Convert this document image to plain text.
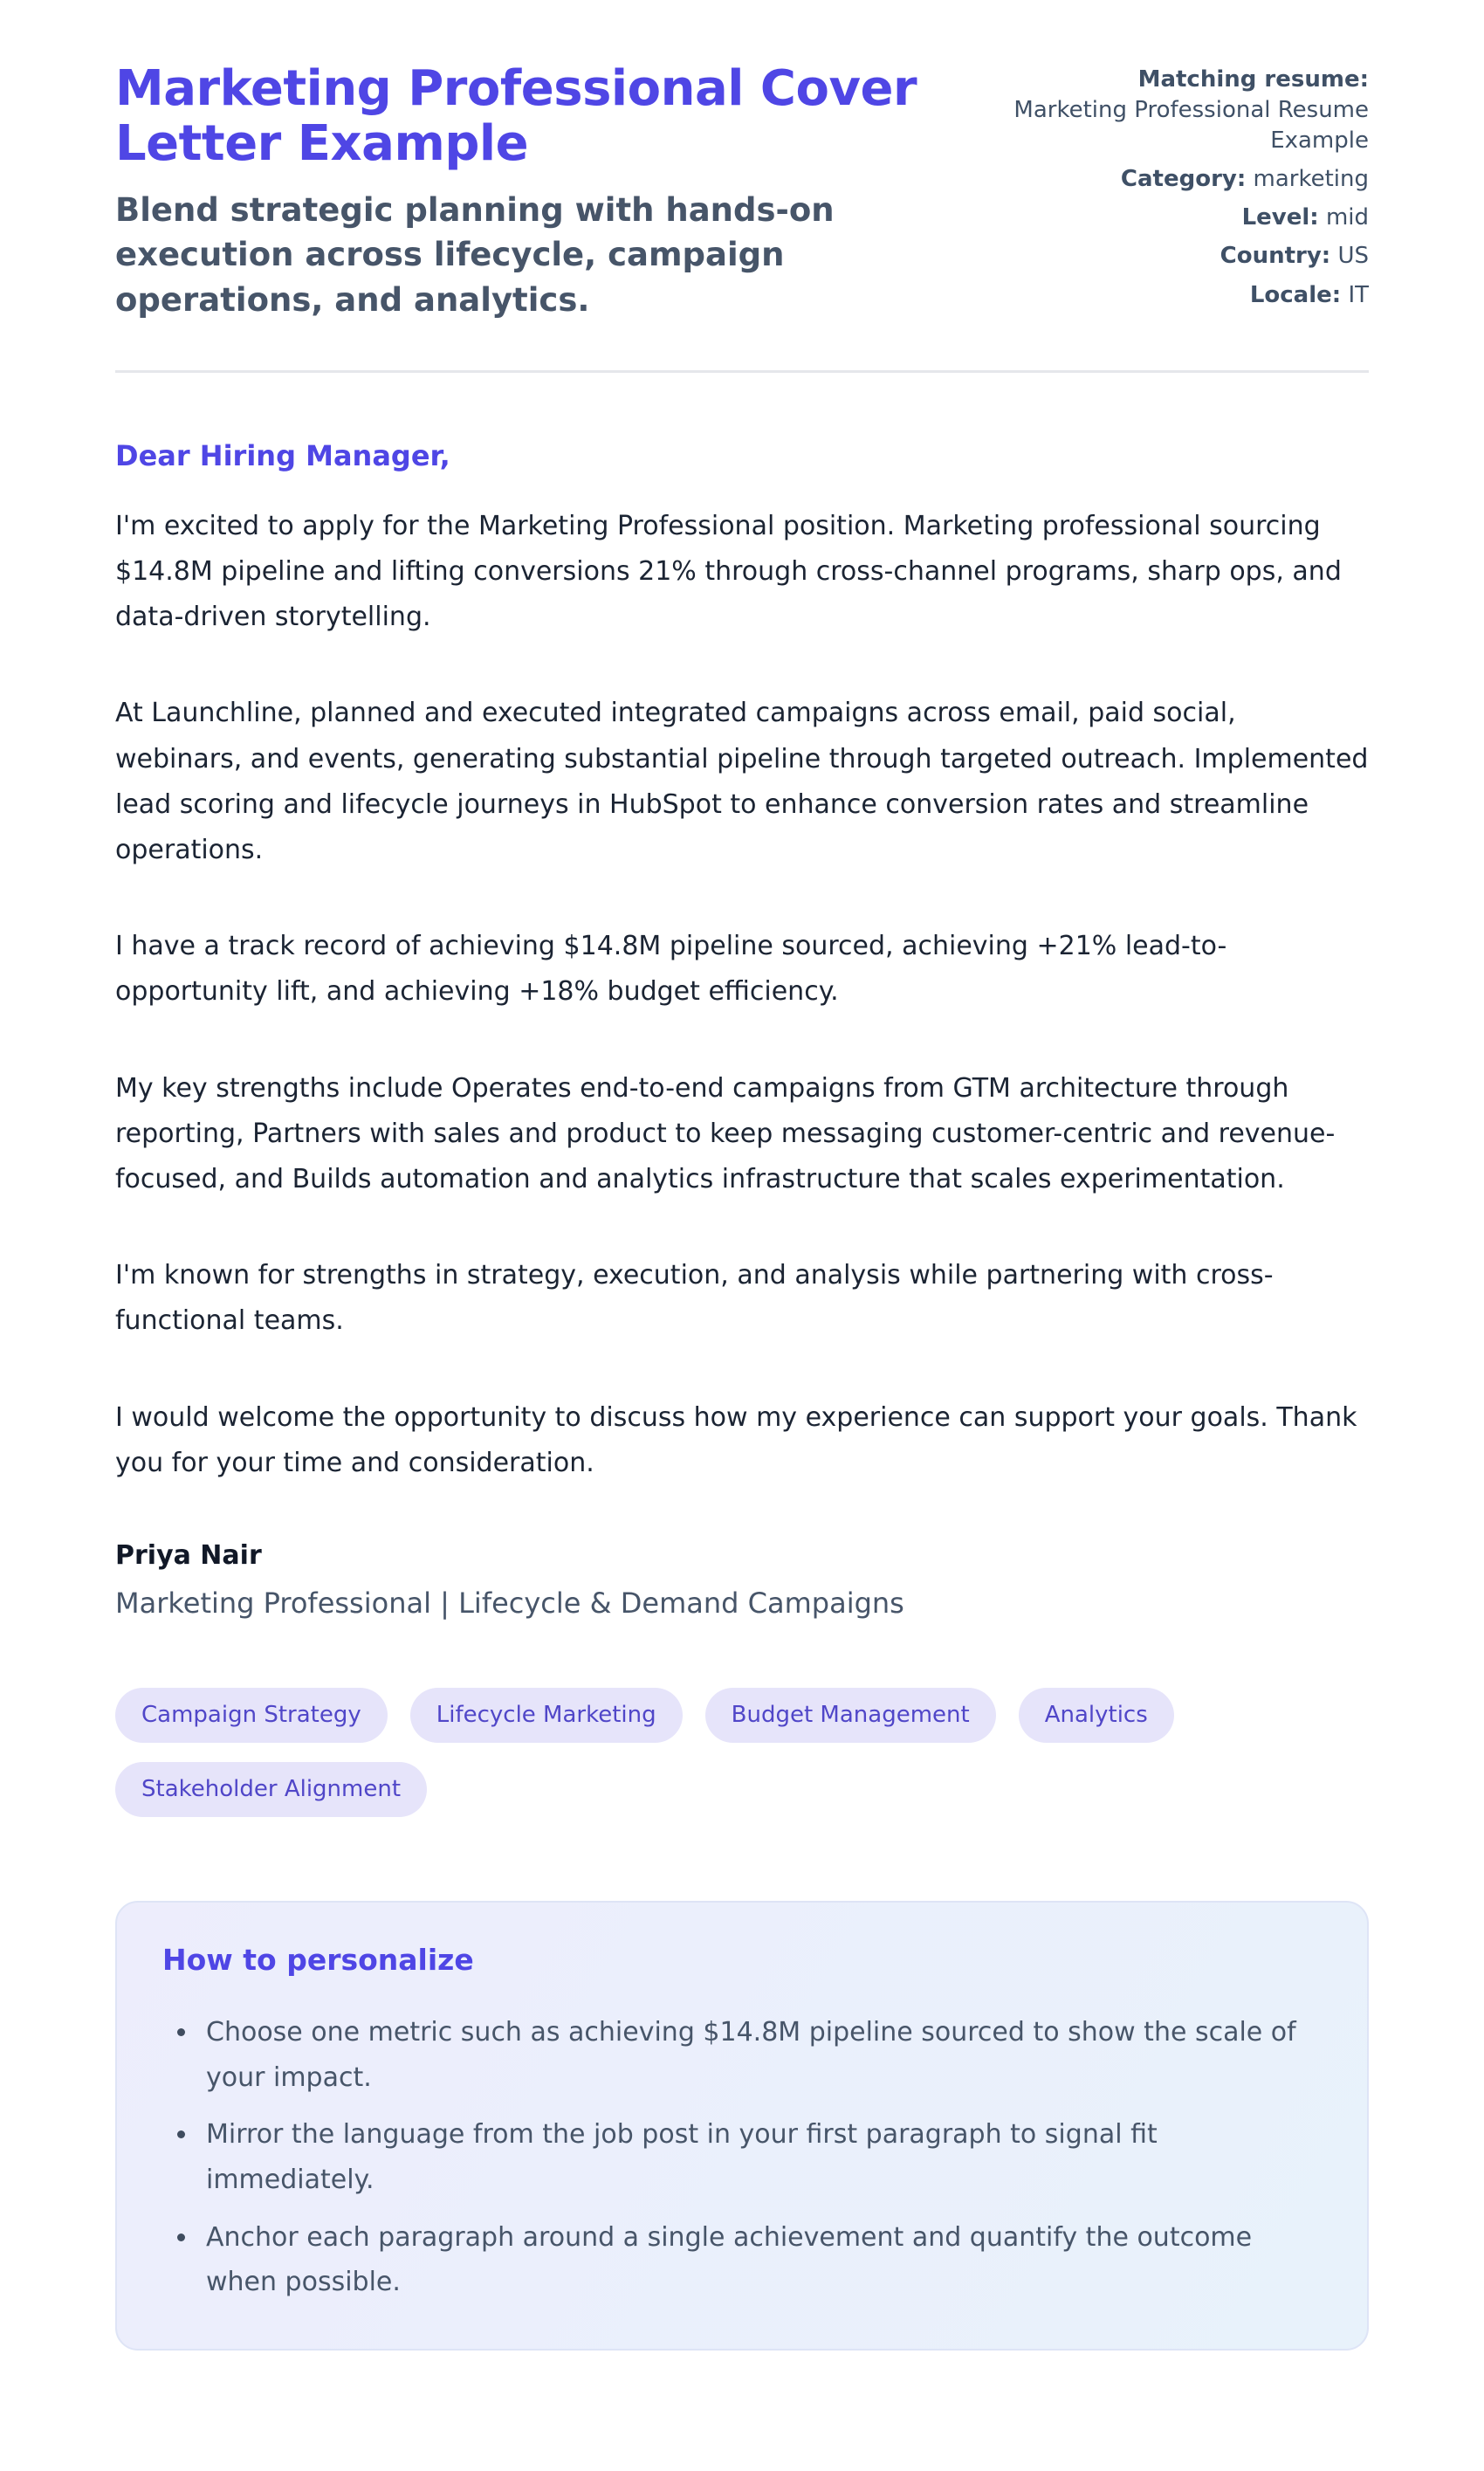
Marketing Professional Cover Letter Example

Blend strategic planning with hands-on execution across lifecycle, campaign operations, and analytics.

Matching resume:
Marketing Professional Resume Example
Category: marketing
Level: mid
Country: US
Locale: IT

Dear Hiring Manager,

I'm excited to apply for the Marketing Professional position. Marketing professional sourcing $14.8M pipeline and lifting conversions 21% through cross-channel programs, sharp ops, and data-driven storytelling.

At Launchline, planned and executed integrated campaigns across email, paid social, webinars, and events, generating substantial pipeline through targeted outreach. Implemented lead scoring and lifecycle journeys in HubSpot to enhance conversion rates and streamline operations.

I have a track record of achieving $14.8M pipeline sourced, achieving +21% lead-to-opportunity lift, and achieving +18% budget efficiency.

My key strengths include Operates end-to-end campaigns from GTM architecture through reporting, Partners with sales and product to keep messaging customer-centric and revenue-focused, and Builds automation and analytics infrastructure that scales experimentation.

I'm known for strengths in strategy, execution, and analysis while partnering with cross-functional teams.

I would welcome the opportunity to discuss how my experience can support your goals. Thank you for your time and consideration.

Priya Nair

Marketing Professional | Lifecycle & Demand Campaigns

Campaign Strategy	Lifecycle Marketing	Budget Management	Analytics
Stakeholder Alignment
How to personalize
• Choose one metric such as achieving $14.8M pipeline sourced to show the scale of your impact.
• Mirror the language from the job post in your first paragraph to signal fit immediately.
• Anchor each paragraph around a single achievement and quantify the outcome when possible.
